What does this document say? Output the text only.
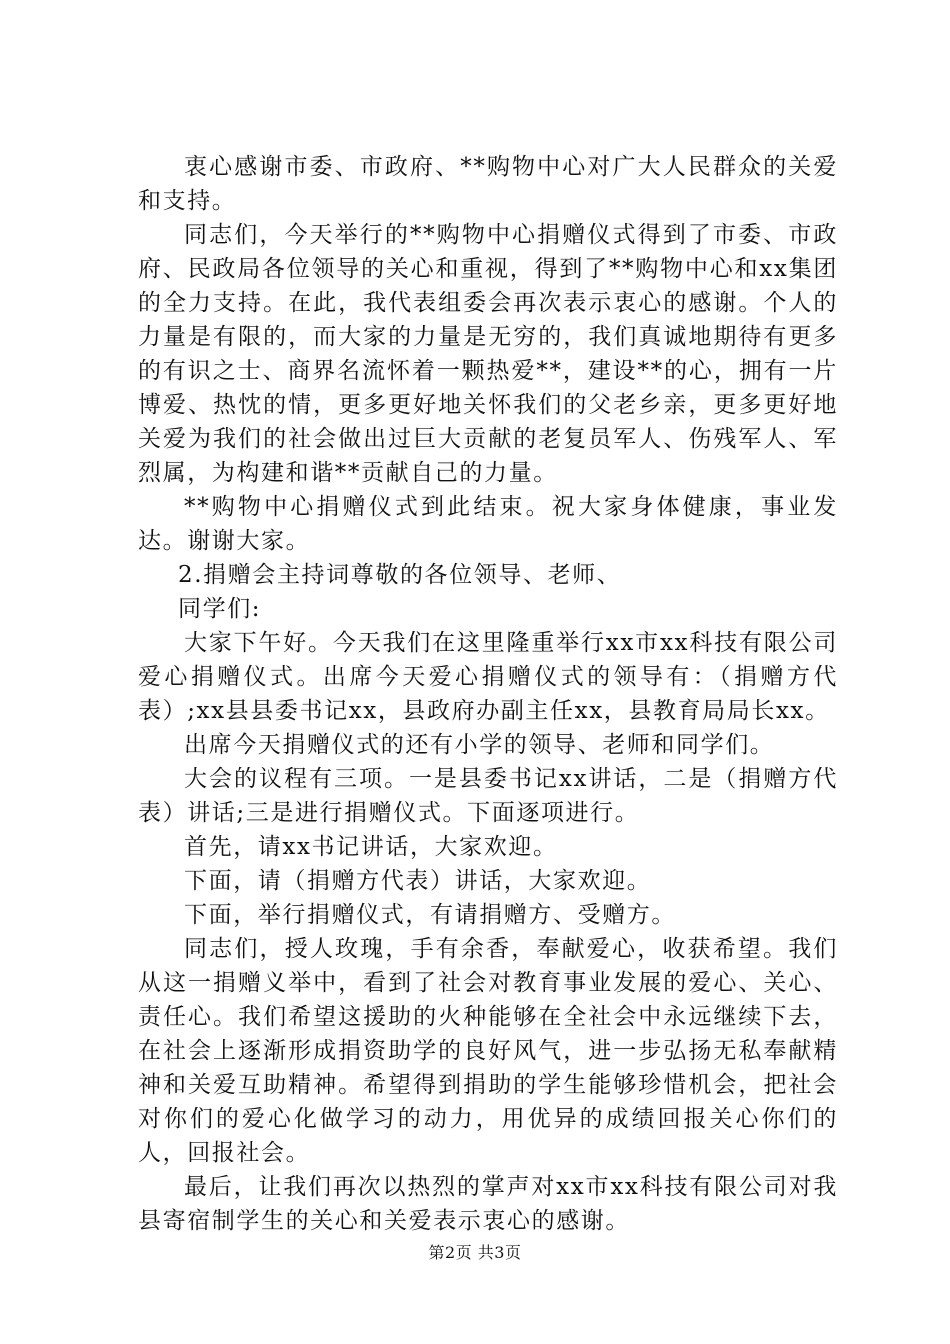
衷心感谢市委、市政府、**购物中心对广大人民群众的关爱和支持。

同志们，今天举行的**购物中心捐赠仪式得到了市委、市政府、民政局各位领导的关心和重视，得到了**购物中心和xx集团的全力支持。在此，我代表组委会再次表示衷心的感谢。个人的力量是有限的，而大家的力量是无穷的，我们真诚地期待有更多的有识之士、商界名流怀着一颗热爱**，建设**的心，拥有一片博爱、热忱的情，更多更好地关怀我们的父老乡亲，更多更好地关爱为我们的社会做出过巨大贡献的老复员军人、伤残军人、军烈属，为构建和谐**贡献自己的力量。

**购物中心捐赠仪式到此结束。祝大家身体健康，事业发达。谢谢大家。

2.捐赠会主持词尊敬的各位领导、老师、

同学们:

大家下午好。今天我们在这里隆重举行xx市xx科技有限公司爱心捐赠仪式。出席今天爱心捐赠仪式的领导有：（捐赠方代表）;xx县县委书记xx，县政府办副主任xx，县教育局局长xx。

出席今天捐赠仪式的还有小学的领导、老师和同学们。

大会的议程有三项。一是县委书记xx讲话，二是（捐赠方代表）讲话;三是进行捐赠仪式。下面逐项进行。

首先，请xx书记讲话，大家欢迎。

下面，请（捐赠方代表）讲话，大家欢迎。

下面，举行捐赠仪式，有请捐赠方、受赠方。

同志们，授人玫瑰，手有余香，奉献爱心，收获希望。我们从这一捐赠义举中，看到了社会对教育事业发展的爱心、关心、责任心。我们希望这援助的火种能够在全社会中永远继续下去，在社会上逐渐形成捐资助学的良好风气，进一步弘扬无私奉献精神和关爱互助精神。希望得到捐助的学生能够珍惜机会，把社会对你们的爱心化做学习的动力，用优异的成绩回报关心你们的人，回报社会。

最后，让我们再次以热烈的掌声对xx市xx科技有限公司对我县寄宿制学生的关心和关爱表示衷心的感谢。

第2页 共3页
